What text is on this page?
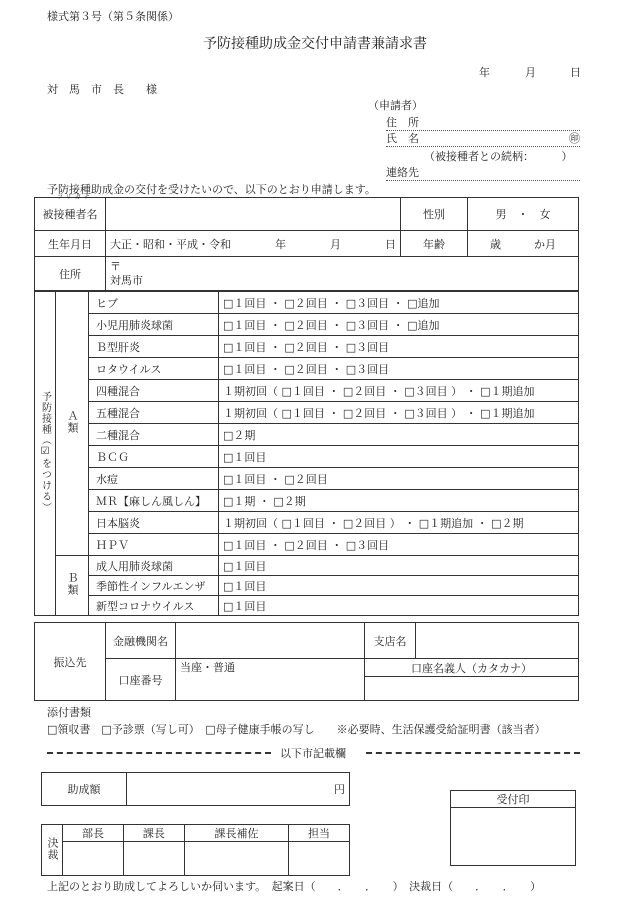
様式第３号（第５条関係）
予防接種助成金交付申請書兼請求書
年	月	日
対　馬　市　長　　様
（申請者）
住　所
氏　名	㊞
（被接種者との続柄：　　　）
連絡先
予防接種助成金の交付を受けたいので、以下のとおり申請します。
フリガナ
被接種者名		性別	男　・　女
生年月日	大正・昭和・平成・令和　　　　年　　　　月　　　　日	年齢	歳　　　か月
住所	〒
対馬市		
予防接種（☑をつける）	Ａ類	ヒブ	□１回目 ・ □２回目 ・ □３回目 ・ □追加
		小児用肺炎球菌	□１回目 ・ □２回目 ・ □３回目 ・ □追加
		Ｂ型肝炎	□１回目 ・ □２回目 ・ □３回目
		ロタウイルス	□１回目 ・ □２回目 ・ □３回目
		四種混合	１期初回（ □１回目 ・ □２回目 ・ □３回目 ） ・ □１期追加
		五種混合	１期初回（ □１回目 ・ □２回目 ・ □３回目 ） ・ □１期追加
		二種混合	□２期
		ＢＣＧ	□１回目
		水痘	□１回目 ・ □２回目
		ＭＲ【麻しん風しん】	□１期 ・ □２期
		日本脳炎	１期初回（ □１回目 ・ □２回目 ） ・ □１期追加 ・ □２期
		ＨＰＶ	□１回目 ・ □２回目 ・ □３回目
	Ｂ類	成人用肺炎球菌	□１回目
		季節性インフルエンザ	□１回目
		新型コロナウイルス	□１回目
振込先	金融機関名		支店名	
	口座番号	当座・普通	口座名義人（カタカナ）	

添付書類
□領収書　□予診票（写し可）　□母子健康手帳の写し　　※必要時、生活保護受給証明書（該当者）
以下市記載欄
助成額	円
受付印

決裁	部長	課長	課長補佐	担当

上記のとおり助成してよろしいか伺います。　起案日（　　．　　．　　）　決裁日（　　．　　．　　）
